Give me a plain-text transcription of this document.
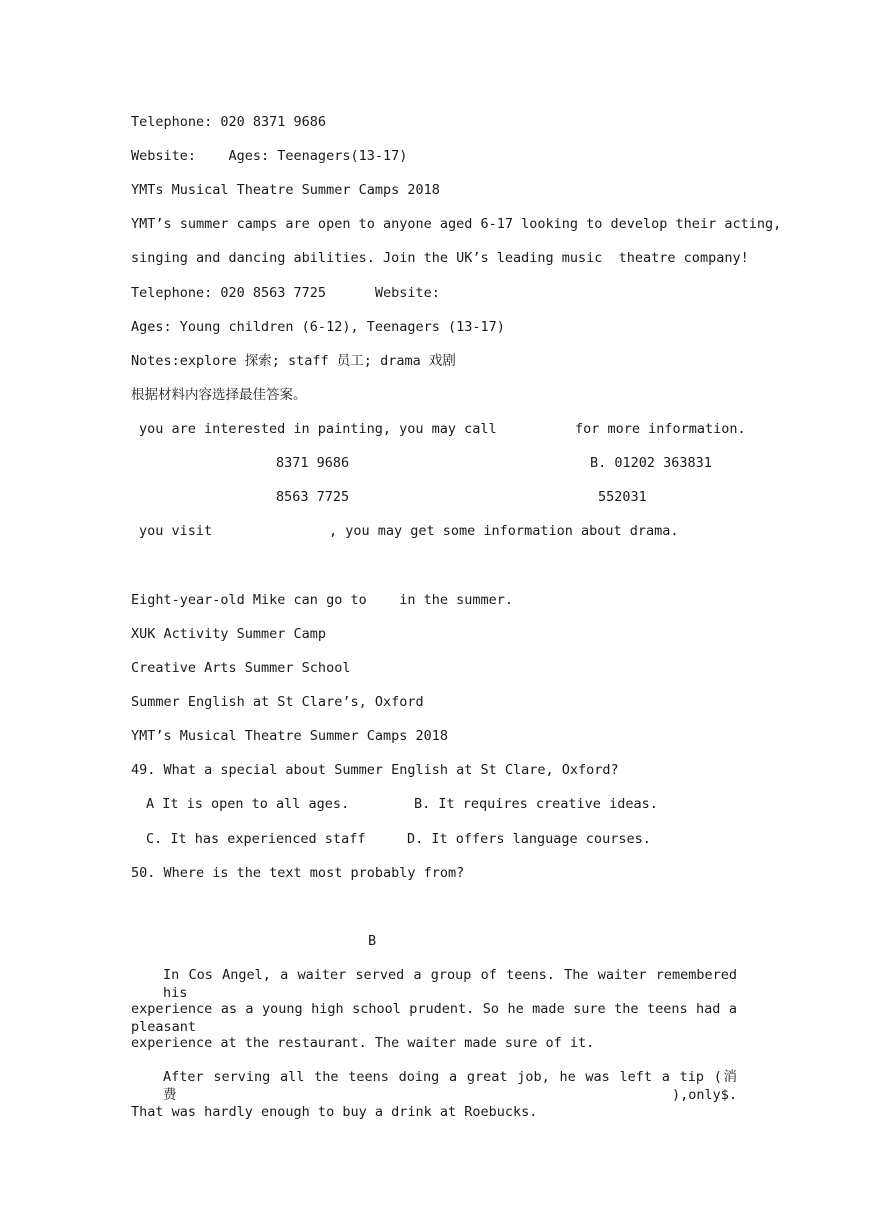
Telephone: 020 8371 9686
Website:    Ages: Teenagers(13-17)
YMTs Musical Theatre Summer Camps 2018
YMT’s summer camps are open to anyone aged 6-17 looking to develop their acting,
singing and dancing abilities. Join the UK’s leading music  theatre company!
Telephone: 020 8563 7725      Website:
Ages: Young children (6-12), Teenagers (13-17)
Notes:explore 探索; staff 员工; drama 戏剧
根据材料内容选择最佳答案。
you are interested in painting, you may call	for more information.
8371 9686	B. 01202 363831
8563 7725	552031
you visit	, you may get some information about drama.
Eight-year-old Mike can go to    in the summer.
XUK Activity Summer Camp
Creative Arts Summer School
Summer English at St Clare’s, Oxford
YMT’s Musical Theatre Summer Camps 2018
49. What a special about Summer English at St Clare, Oxford?
A It is open to all ages.	B. It requires creative ideas.
C. It has experienced staff	D. It offers language courses.
50. Where is the text most probably from?
B
In Cos Angel, a waiter served a group of teens. The waiter remembered his
experience as a young high school prudent. So he made sure the teens had a pleasant
experience at the restaurant. The waiter made sure of it.
After serving all the teens doing a great job, he was left a tip (消费),only$.
That was hardly enough to buy a drink at Roebucks.
